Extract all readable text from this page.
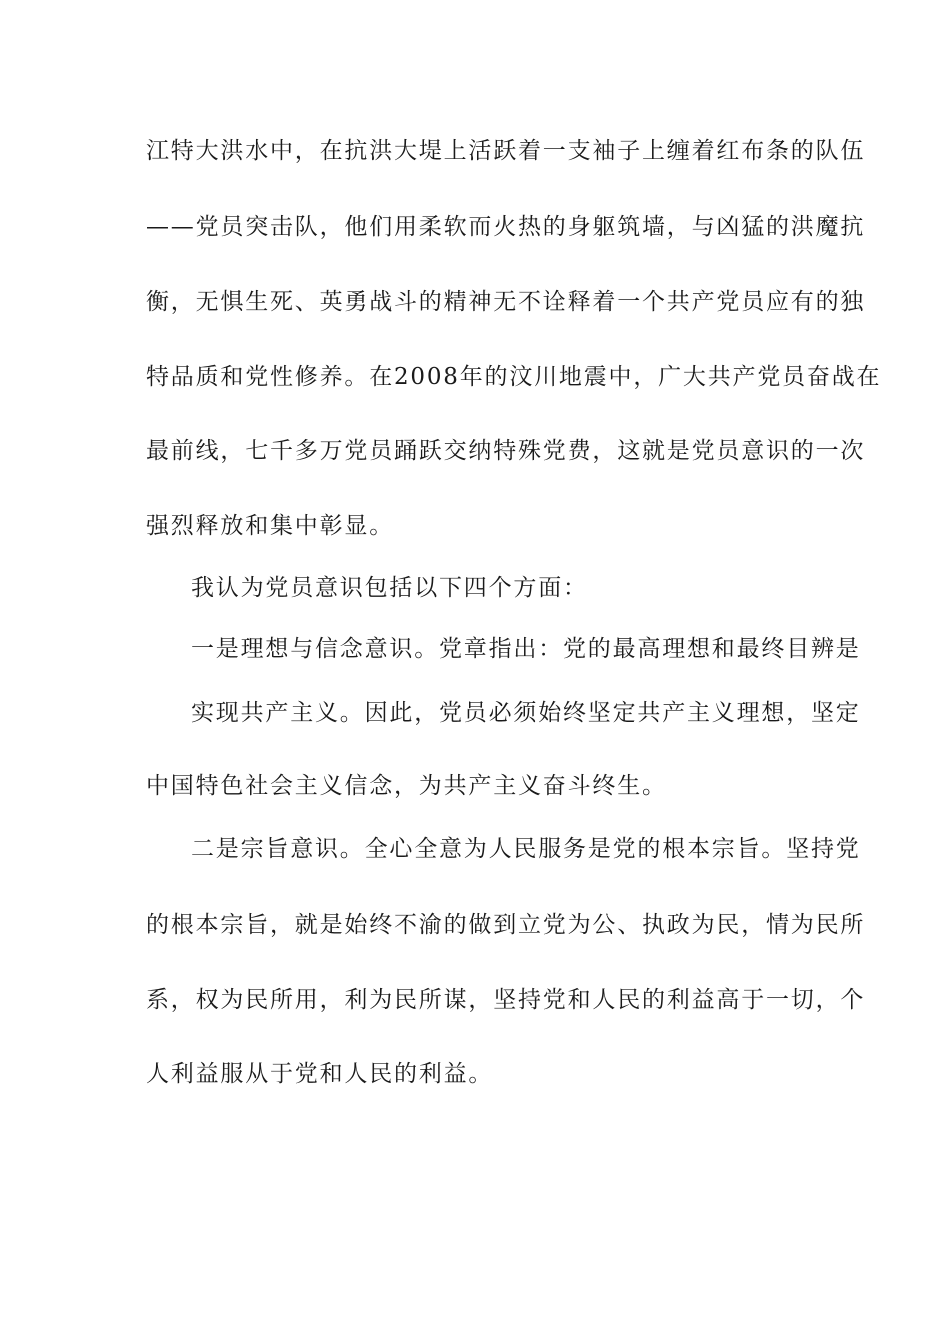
江特大洪水中，在抗洪大堤上活跃着一支袖子上缠着红布条的队伍
——党员突击队，他们用柔软而火热的身躯筑墙，与凶猛的洪魔抗
衡，无惧生死、英勇战斗的精神无不诠释着一个共产党员应有的独
特品质和党性修养。在2008年的汶川地震中，广大共产党员奋战在
最前线，七千多万党员踊跃交纳特殊党费，这就是党员意识的一次
强烈释放和集中彰显。
我认为党员意识包括以下四个方面：
一是理想与信念意识。党章指出：党的最高理想和最终目辨是
实现共产主义。因此，党员必须始终坚定共产主义理想，坚定
中国特色社会主义信念，为共产主义奋斗终生。
二是宗旨意识。全心全意为人民服务是党的根本宗旨。坚持党
的根本宗旨，就是始终不渝的做到立党为公、执政为民，情为民所
系，权为民所用，利为民所谋，坚持党和人民的利益高于一切，个
人利益服从于党和人民的利益。
